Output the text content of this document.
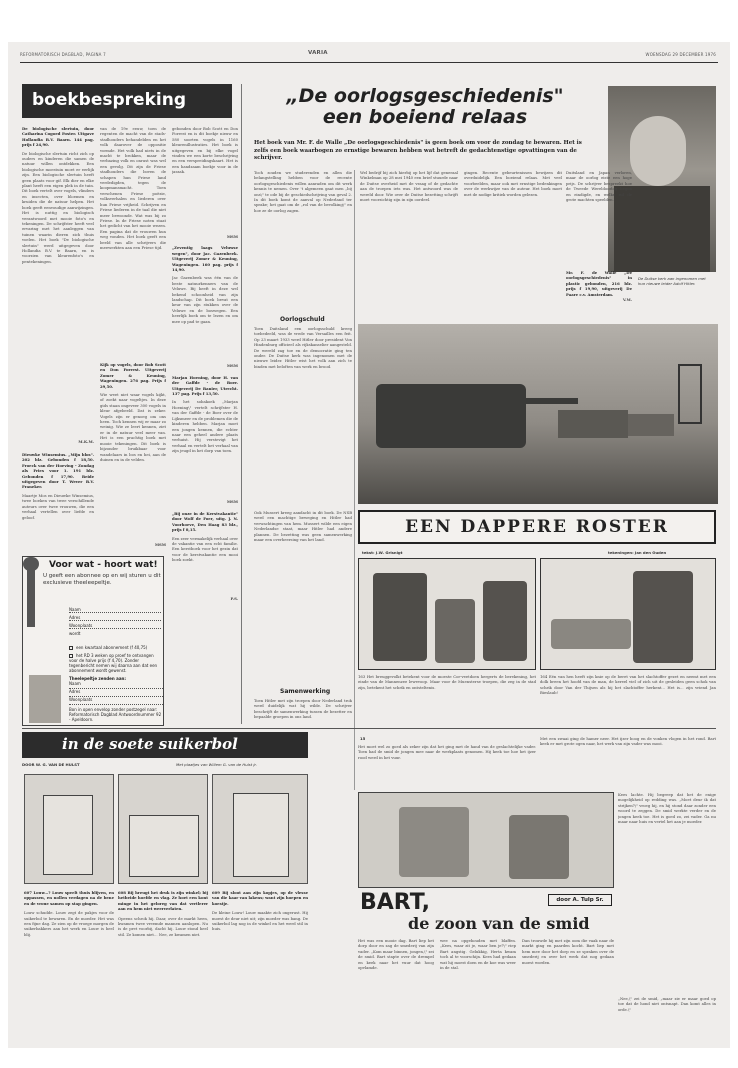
REFORMATORISCH DAGBLAD, PAGINA 7	VARIA	WOENSDAG 29 DECEMBER 1976
boekbespreking
De biologische slertuin, door Catharina Cogoed Foster. Uitgave Hollandia B.V. Baarn. 144 pag. prijs f 24,90.
De biologische slertuin richt zich op ouders en kinderen die samen de natuur willen ontdekken. Een biologische moestuin moet er eerlijk zijn. Een biologische slertuin heeft geen plaats voor gif. Elk dier en elke plant heeft een eigen plek in de tuin. Dit boek vertelt over vogels, vlinders en insecten, over bloemen en kruiden die de natuur helpen. Het boek geeft eenvoudige aanwijzingen. Het is nuttig en biologisch verantwoord met mooie foto's en tekeningen. De schrijfster heeft veel ervaring met het aanleggen van tuinen waarin dieren zich thuis voelen. Het boek "De biologische slertuin" werd uitgegeven door Hollandia B.V. te Baarn, en is voorzien van kleurenfoto's en pentekeningen.
M.K.M.
Dieuwke Winsemius. „Mijn blos". 202 blz. Gebonden f 18,50. Froeck van der Hoeving - Zondag als Fries voor 1. 191 blz. Gebonden f 17,90. Beide uitgegeven door T. Wever B.V. Franeker.
Maartje Mos en Dieuwke Winsemius, twee boeken van twee verschillende auteurs over twee vrouwen, die een verhaal vertellen over liefde en geloof.
van de 19e eeuw, toen de regenten de macht van de stads-stadhouders behandelden en het volk daarover de oppositie vormde. Het volk had niets in de macht te brokken, maar de verbazing volk en onrust was wel een gevolg. Dit zijn de Friese stadhouders die boven de schapen hun Friese land verdedigden, tegen de koopmansmacht. Toen verschenen Friese poëzie, volksverhalen en liederen over hun Friese vrijheid. Schrijven en Friese liederen in de taal die niet meer bewoonde. Wat was bij zo Friese. In de Friese noten staat het gedicht van het mooie wezen. Een pagina dat de vrouwen hun weg vonden. Het boek geeft een beeld van alle schrijvers die meewerkten aan een Friese tijd.
Kijk op vogels, door Bob Scott en Don Forrest. Uitgeverij Zomer & Keuning, Wageningen. 276 pag. Prijs f 29,50.
Wie weet niet waar vogels kijkt, of zoekt naar vogeltjes. In deze gids staan ongeveer 300 vogels in kleur afgebeeld. Dat is zeker. Vogels zijn er genoeg om ons heen. Toch kennen wij er maar zo weinig. Wie ze leert kennen, ziet er in de natuur veel meer van. Het is een prachtig boek met mooie tekeningen. Dit boek is bijzonder bruikbaar voor wandelaars in bos en hei, aan de duinen en in de velden.
MSM
gebonden door Bob Scott en Don Forrest en is dit boekje nieuw en 580 soorten vogels in 1160 kleurenillustraties. Het boek is uitgegeven en bij elke vogel vinden we een korte beschrijving en een verspreidingskaart. Het is een handzaam boekje voor in de jaszak.
MSM
„Zeventig laags Veluwse wegen", door Jac. Gazenbeek. Uitgeverij Zomer & Keuning, Wageningen. 160 pag. prijs f 14,90.
Jac Gazenbeek was één van de beste natuurkenners van de Veluwe. Bij heeft in deze wel bekend schoonheid van zijn landschap. Dit boek bevat een keur van zijn stukken over de Veluwe en de boswegen. Een heerlijk boek om te lezen en om mee op pad te gaan.
MSM
Marjan Hoening, door H. van der Gaffde - de Boer. Uitgeverij De Banier, Utrecht. 137 pag. Prijs f 13,50.
In het sobakoek „Marjan Hoening\" vertelt schrijfster H. van der Gaffde - de Boer over de Lijksmeer en de problemen die de kinderen hebben. Marjan moet een jongen kennen, die echter naar een geheel andere plaats verhuist. Hij verstevigt het verhaal en vertelt het verhaal van zijn jeugd in het dorp van toen.
MSM
„Bij onze in de Kerstvakantie" door Wolf de Foer, uitg. J. N. Voorhoeve, Den Haag 83 blz., prijs f 8,15.
Een zeer vermakelijk verhaal over de vakantie van een echt familie. Een kerstboek voor het gezin dat voor de kerstvakantie een mooi boek zoekt.
P.S.
Voor wat - hoort wat!
U geeft een abonnee op en wij sturen u dit exclusieve theeleepeltje.
Naam
Adres
Woonplaats
wordt
een kwartaal abonnement (f 40,75)
het RD 3 weken op proef te ontvangen voor de halve prijs (f 4,70). Zonder tegenbericht nemen wij daarna aan dat een abonnement wordt gewenst.
Theelepeltje zenden aan:
Naam
Adres
Woonplaats
Bon in open envelop zonder postzegel naar: Reformatorisch Dagblad Antwoordnummer 92 - Apeldoorn.
in de soete suikerbol
DOOR W. G. VAN DE HULST	Met plaatjes van Willem G. van de Hulst jr.
607 Louw...? Louw speelt thuis blijven, en oppassen, en nollen verdagen na de bene en de vroue samen op stap gingen.
Louw schudde. Louw zegt de pakjes voor de suikerbol te bewaren. En de moeder. Het was een fijne dag. Ze zien op de vroege morgen de suikerbakkers aan het werk en Louw is heel blij.
608 Bij hreugt het druk is zijn winkel; bij hetbeide hoefde en vlag. Ze hoet een kont minge in het geloreg van dat vertlerer aan en hem niet weerverlaten.
Opeens schrok hij. Daar, over de markt heen, kwamen twee vreemde mannen aanlopen. Nu is de pret voorbij, dacht hij. Louw stond heel stil. Ze komen niet... Nee, ze kwamen niet.
609 Bij sloot aan zijn kopjes, op de vlesse van die kaar van lakens; want zijn hoepen en koestje.
De kleine Louw! Louw maakte zich ongerust. Hij moest de deur niet uit; zijn moeder was bang. De suikerbol lag nog in de winkel en het werd stil in huis.
„De oorlogsgeschiedenis"
een boeiend relaas
Het boek van Mr. F. de Walle „De oorlogsgeschiedenis" is geen boek om voor de zondag te bewaren. Het is zelfs een boek waarbogen zo ernstige bewaren hebben wat betreft de gedachtenstige opvattingen van de schrijver.
De Duitse kerk aan ingenomen met hun nieuwe leider Adolf Hitler.
Toch zouden we studerenden en allen die belangstelling hebben voor de recente oorlogsgeschiedenis willen aanraden om dit werk kennis te nemen. Over 't algemeen gaat men „bij ons\" te ode bij de geschiedschrijving van geval 2. In dit boek komt de aanval op Nederland ter sprake; het gaat om de „rol van de bevolking\" en hoe ze de oorlog zagen.
Wel bedrijf bij zich hierbij op het lijf dat generaal Winkelman op 28 mei 1940 een brief stuurde naar de Duitse overheid met de vraag of de gedachte aan de troepen iets was. Het antwoord was de wereld door. Wie over de Duitse bezetting schrijft moet voorzichtig zijn in zijn oordeel.
gingen. Recente gebeurtenissen bewijzen dit overduidelijk. Een boeiend relaas. Met veel voorbeelden, maar ook met ernstige bedenkingen over de werkwijze van de auteur. Het boek moet met de nodige kritiek worden gelezen.
Duitsland en Japan verloren, maar de oorlog eiste een hoge prijs. De schrijver bespreekt hoe de Tweede Wereldoorlog begon en eindigde, en welke rol de grote machten speelden.
Mr. F. de Walle „De oorlogsgeschiedenis" in plastic gebonden, 216 blz. prijs f 19,90, uitgeverij De Paare c.v. Amsterdam.
V.M.
Oorlogschuld
Toen Duitsland een oorlogsschuld kreeg toebedeeld, was de vrede van Versailles een feit. Op 23 maart 1933 werd Hitler door president Von Hindenburg officieel als rijkskanselier aangesteld. De wereld zag toe en de democratie ging ten onder. De Duitse kerk was ingenomen met de nieuwe leider. Hitler wist het volk aan zich te binden met beloften van werk en brood.
Ook Mussert kreeg aandacht in dit boek. De NSB werd een machtige beweging en Hitler had verwachtingen van hem. Mussert wilde een eigen Nederlandse staat, maar Hitler had andere plannen. De bezetting was geen samenwerking maar een overheersing van het land.
Samenwerking
Toen Hitler met zijn troepen door Nederland trok werd duidelijk wat hij wilde. De schrijver beschrijft de samenwerking tussen de bezetter en bepaalde groepen in ons land.
EEN DAPPERE ROSTER
tekst: J.W. Grisnigt	tekeningen: Jan den Ouden
163 Het breuggevolkt betekent voor de moeste Cor-veetdoen hergerts de berekening, het einde van de Mannenzee lewevoop. Maar voor de Muensterse troepen, die zeg in de stad zijn, betekent het schrik en ontsteltenis.
164 Eén van hen heeft zijn knie op de beret van het slachtoffer gezet en neemt met een dolk breen het hoofd van de man, de kereel viel of zich uit de gesleiden geen schok van schrik door Van der Thijsen als hij het slachtoffer herkent... Het is... zijn vriend Jan Bieslaub!
15
Het moet wel zo goed als zeker zijn dat het ging met de hand van de geslachtelijke vader. Toen had de smid de jongen mee naar de werkplaats genomen. Hij keek toe hoe het ijzer rood werd in het vuur.
Met een zwaai ging de hamer neer. Het ijzer boog en de vonken vlogen in het rond. Bart keek er met grote ogen naar, het werk van zijn vader was mooi.
Kees lachte. Hij begreep dat het de enige mogelijkheid op redding was. „Moet deur ik dat strijken?\" vroeg hij, en hij stond daar zonder een woord te zeggen. De smid werkte verder en de jongen keek toe. Het is goed zo, zei vader. Ga nu maar naar huis en vertel het aan je moeder.
BART,	door A. Tulp Sr.
de zoon van de smid
Het was een mooie dag. Bart liep het dorp door en zag de smederij van zijn vader. „Kom maar binnen, jongen,\" zei de smid. Bart stapte over de drempel en keek naar het vuur dat hoog opvlamde.
wee na opgehouden met blaffen. „Kees, waar zit je, waar ben je?\" riep Bart angstig. Gelukkig, Herta kwam toch al te voorschijn. Kees had gedaan wat hij moest doen en de koe was weer in de stal.
Dan trouwde hij met zijn oom die vaak naar de markt ging en paarden kocht. Bart liep met hem mee door het dorp en ze spraken over de smederij en over het werk dat nog gedaan moest worden.
„Nee,\" zei de smid, „maar zie er maar goed op toe dat de hond niet ontsnapt. Dan komt alles in orde.\"
